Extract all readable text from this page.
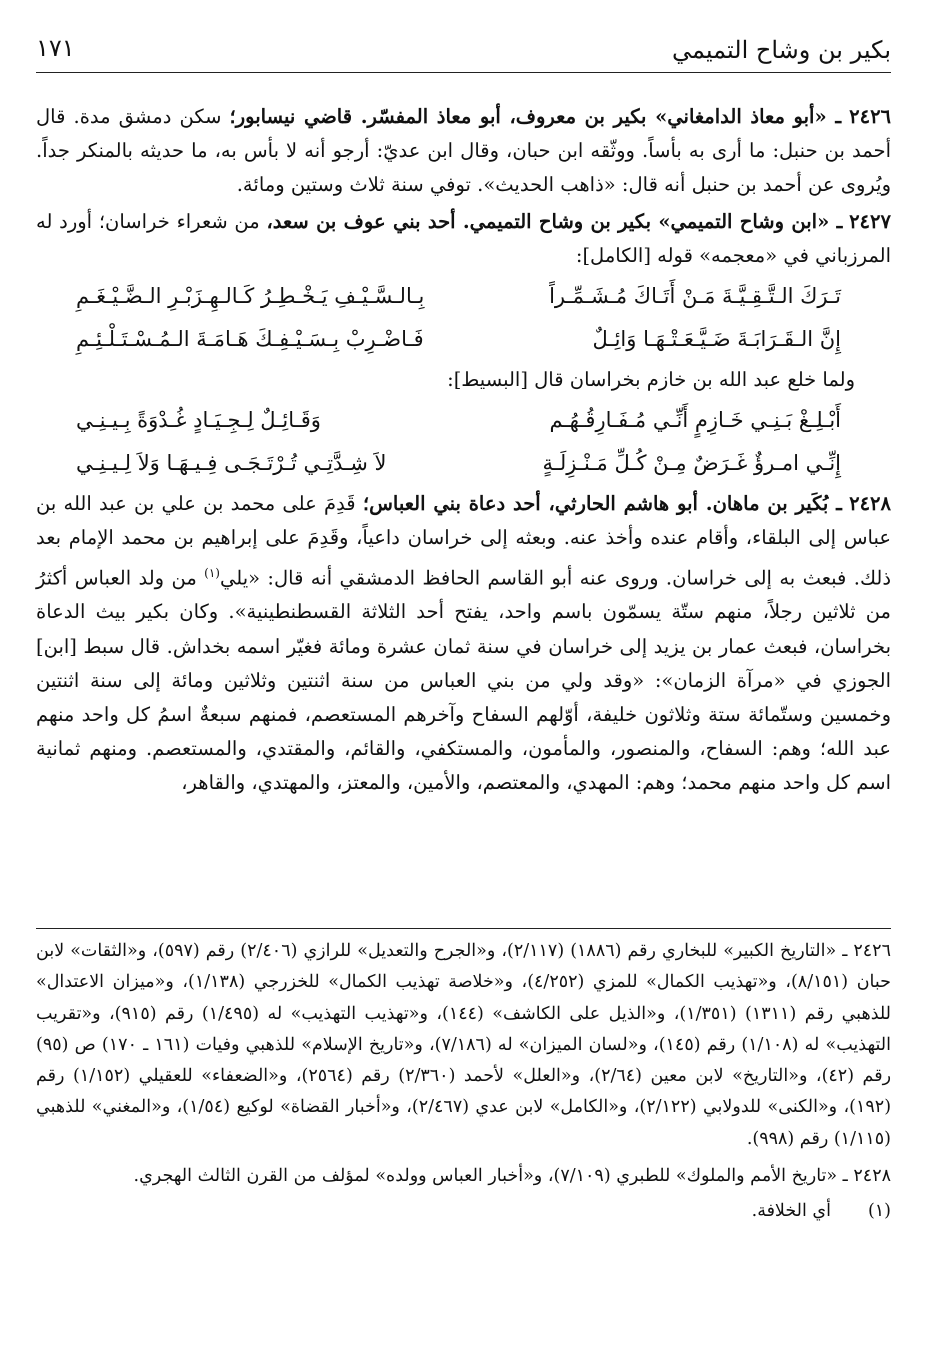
بكير بن وشاح التميمي
١٧١

٢٤٢٦ ـ «أبو معاذ الدامغاني» بكير بن معروف، أبو معاذ المفسّر. قاضي نيسابور؛ سكن دمشق مدة. قال أحمد بن حنبل: ما أرى به بأساً. ووثّقه ابن حبان، وقال ابن عديّ: أرجو أنه لا بأس به، ما حديثه بالمنكر جداً. ويُروى عن أحمد بن حنبل أنه قال: «ذاهب الحديث». توفي سنة ثلاث وستين ومائة.

٢٤٢٧ ـ «ابن وشاح التميمي» بكير بن وشاح التميمي. أحد بني عوف بن سعد، من شعراء خراسان؛ أورد له المرزباني في «معجمه» قوله [الكامل]:

تَـرَكَ الـتَّـقِـيَّـةَ مَـنْ أَتَـاكَ مُـشَـمِّـراً
بِـالـسَّـيْـفِ يَـخْـطِـرُ كَـالـهِـزَبْـرِ الـضَّـيْـغَـمِ
إِنَّ الـقَـرَابَـةَ ضَـيَّـعَـتْـهَـا وَائِـلٌ
فَـاضْـرِبْ بِـسَـيْـفِـكَ هَـامَـةَ الـمُـسْـتَـلْـئِـمِ

ولما خلع عبد الله بن خازم بخراسان قال [البسيط]:

أَبْـلِـغْ بَـنِـي خَـازِمٍ أَنِّـي مُـفَـارِقُـهُـم
وَقَـائِـلٌ لِـجِـيَـادٍ غُـدْوَةً بِـيـنِـي
إِنِّـي امـرؤٌ غَـرَضٌ مِـنْ كُـلِّ مَـنْـزِلَـةٍ
لاَ شِـدَّتِـي تُـرْتَـجَـى فِـيـهَـا وَلاَ لِـيـنِـي

٢٤٢٨ ـ بُكَير بن ماهان. أبو هاشم الحارثي، أحد دعاة بني العباس؛ قَدِمَ على محمد بن علي بن عبد الله بن عباس إلى البلقاء، وأقام عنده وأخذ عنه. وبعثه إلى خراسان داعياً، وقَدِمَ على إبراهيم بن محمد الإمام بعد ذلك. فبعث به إلى خراسان. وروى عنه أبو القاسم الحافظ الدمشقي أنه قال: «يلي$^{(١)}$ من ولد العباس أكثرُ من ثلاثين رجلاً، منهم ستّة يسمّون باسم واحد، يفتح أحد الثلاثة القسطنطينية». وكان بكير بيث الدعاة بخراسان، فبعث عمار بن يزيد إلى خراسان في سنة ثمان عشرة ومائة فغيّر اسمه بخداش. قال سبط [ابن] الجوزي في «مرآة الزمان»: «وقد ولي من بني العباس من سنة اثنتين وثلاثين ومائة إلى سنة اثنتين وخمسين وستّمائة ستة وثلاثون خليفة، أوّلهم السفاح وآخرهم المستعصم، فمنهم سبعةٌ اسمُ كل واحد منهم عبد الله؛ وهم: السفاح، والمنصور، والمأمون، والمستكفي، والقائم، والمقتدي، والمستعصم. ومنهم ثمانية اسم كل واحد منهم محمد؛ وهم: المهدي، والمعتصم، والأمين، والمعتز، والمهتدي، والقاهر،

٢٤٢٦ ـ «التاريخ الكبير» للبخاري رقم (١٨٨٦) (٢/١١٧)، و«الجرح والتعديل» للرازي (٢/٤٠٦) رقم (٥٩٧)، و«الثقات» لابن حبان (٨/١٥١)، و«تهذيب الكمال» للمزي (٤/٢٥٢)، و«خلاصة تهذيب الكمال» للخزرجي (١/١٣٨)، و«ميزان الاعتدال» للذهبي رقم (١٣١١) (١/٣٥١)، و«الذيل على الكاشف» (١٤٤)، و«تهذيب التهذيب» له (١/٤٩٥) رقم (٩١٥)، و«تقريب التهذيب» له (١/١٠٨) رقم (١٤٥)، و«لسان الميزان» له (٧/١٨٦)، و«تاريخ الإسلام» للذهبي وفيات (١٦١ ـ ١٧٠) ص (٩٥) رقم (٤٢)، و«التاريخ» لابن معين (٢/٦٤)، و«العلل» لأحمد (٢/٣٦٠) رقم (٢٥٦٤)، و«الضعفاء» للعقيلي (١/١٥٢) رقم (١٩٢)، و«الكنى» للدولابي (٢/١٢٢)، و«الكامل» لابن عدي (٢/٤٦٧)، و«أخبار القضاة» لوكيع (١/٥٤)، و«المغني» للذهبي (١/١١٥) رقم (٩٩٨).

٢٤٢٨ ـ «تاريخ الأمم والملوك» للطبري (٧/١٠٩)، و«أخبار العباس وولده» لمؤلف من القرن الثالث الهجري.

(١)
أي الخلافة.
